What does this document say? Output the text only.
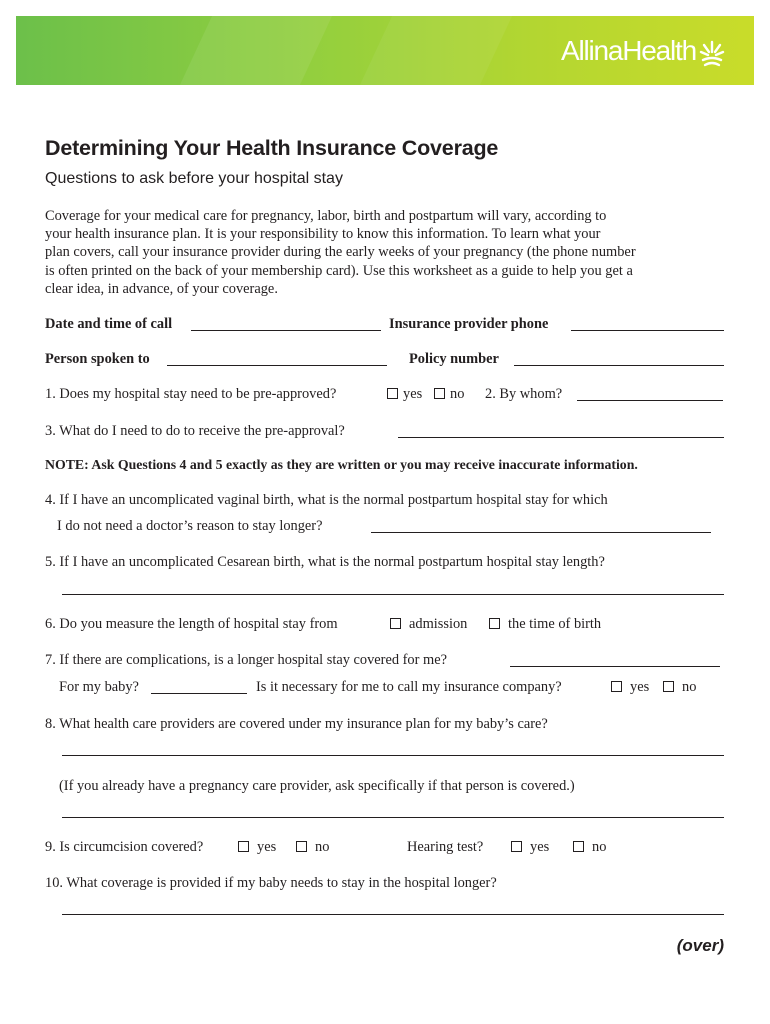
AllinaHealth
Determining Your Health Insurance Coverage
Questions to ask before your hospital stay
Coverage for your medical care for pregnancy, labor, birth and postpartum will vary, according to
your health insurance plan. It is your responsibility to know this information. To learn what your
plan covers, call your insurance provider during the early weeks of your pregnancy (the phone number
is often printed on the back of your membership card). Use this worksheet as a guide to help you get a
clear idea, in advance, of your coverage.
Date and time of call	Insurance provider phone
Person spoken to	Policy number
1. Does my hospital stay need to be pre-approved?	yes	no 2. By whom?
3. What do I need to do to receive the pre-approval?
NOTE: Ask Questions 4 and 5 exactly as they are written or you may receive inaccurate information.
4. If I have an uncomplicated vaginal birth, what is the normal postpartum hospital stay for which
I do not need a doctor’s reason to stay longer?
5. If I have an uncomplicated Cesarean birth, what is the normal postpartum hospital stay length?
6. Do you measure the length of hospital stay from	admission	the time of birth
7. If there are complications, is a longer hospital stay covered for me?
For my baby?	Is it necessary for me to call my insurance company?	yes	no
8. What health care providers are covered under my insurance plan for my baby’s care?
(If you already have a pregnancy care provider, ask specifically if that person is covered.)
9. Is circumcision covered?	yes	no	Hearing test?	yes	no
10. What coverage is provided if my baby needs to stay in the hospital longer?
(over)
